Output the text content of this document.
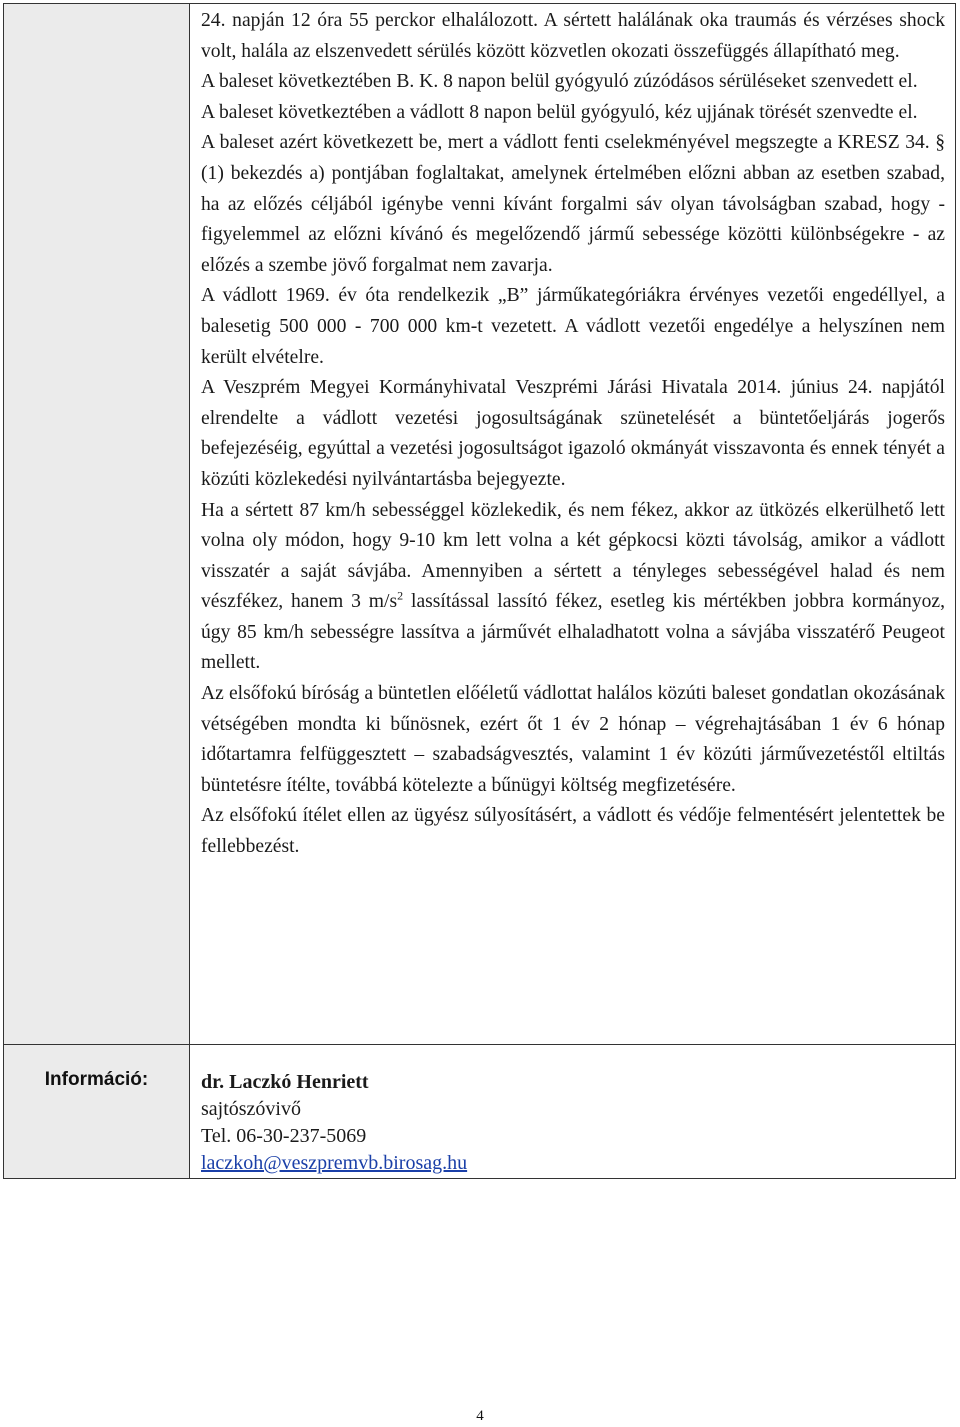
24. napján 12 óra 55 perckor elhalálozott. A sértett halálának oka traumás és vérzéses shock volt, halála az elszenvedett sérülés között közvetlen okozati összefüggés állapítható meg.

A baleset következtében B. K. 8 napon belül gyógyuló zúzódásos sérüléseket szenvedett el.

A baleset következtében a vádlott 8 napon belül gyógyuló, kéz ujjának törését szenvedte el.

A baleset azért következett be, mert a vádlott fenti cselekményével megszegte a KRESZ 34. § (1) bekezdés a) pontjában foglaltakat, amelynek értelmében előzni abban az esetben szabad, ha az előzés céljából igénybe venni kívánt forgalmi sáv olyan távolságban szabad, hogy - figyelemmel az előzni kívánó és megelőzendő jármű sebessége közötti különbségekre - az előzés a szembe jövő forgalmat nem zavarja.

A vádlott 1969. év óta rendelkezik „B” járműkategóriákra érvényes vezetői engedéllyel, a balesetig 500 000 - 700 000 km-t vezetett. A vádlott vezetői engedélye a helyszínen nem került elvételre.

A Veszprém Megyei Kormányhivatal Veszprémi Járási Hivatala 2014. június 24. napjától elrendelte a vádlott vezetési jogosultságának szünetelését a büntetőeljárás jogerős befejezéséig, egyúttal a vezetési jogosultságot igazoló okmányát visszavonta és ennek tényét a közúti közlekedési nyilvántartásba bejegyezte.

Ha a sértett 87 km/h sebességgel közlekedik, és nem fékez, akkor az ütközés elkerülhető lett volna oly módon, hogy 9-10 km lett volna a két gépkocsi közti távolság, amikor a vádlott visszatér a saját sávjába. Amennyiben a sértett a tényleges sebességével halad és nem vészfékez, hanem 3 $m/s^2$ lassítással lassító fékez, esetleg kis mértékben jobbra kormányoz, úgy 85 km/h sebességre lassítva a járművét elhaladhatott volna a sávjába visszatérő Peugeot mellett.

Az elsőfokú bíróság a büntetlen előéletű vádlottat halálos közúti baleset gondatlan okozásának vétségében mondta ki bűnösnek, ezért őt 1 év 2 hónap – végrehajtásában 1 év 6 hónap időtartamra felfüggesztett – szabadságvesztés, valamint 1 év közúti járművezetéstől eltiltás büntetésre ítélte, továbbá kötelezte a bűnügyi költség megfizetésére.

Az elsőfokú ítélet ellen az ügyész súlyosításért, a vádlott és védője felmentésért jelentettek be fellebbezést.

Információ:	dr. Laczkó Henriett
sajtószóvivő
Tel. 06-30-237-5069
laczkoh@veszpremvb.birosag.hu
4
